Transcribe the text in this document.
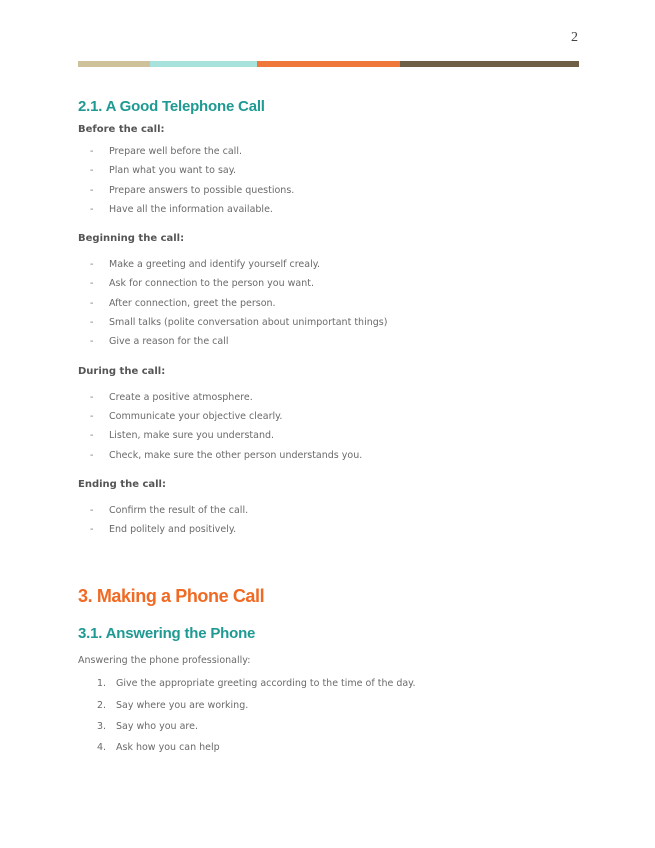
2
2.1. A Good Telephone Call

Before the call:

- Prepare well before the call.
- Plan what you want to say.
- Prepare answers to possible questions.
- Have all the information available.

Beginning the call:

- Make a greeting and identify yourself crealy.
- Ask for connection to the person you want.
- After connection, greet the person.
- Small talks (polite conversation about unimportant things)
- Give a reason for the call

During the call:

- Create a positive atmosphere.
- Communicate your objective clearly.
- Listen, make sure you understand.
- Check, make sure the other person understands you.

Ending the call:

- Confirm the result of the call.
- End politely and positively.
3. Making a Phone Call
3.1. Answering the Phone

Answering the phone professionally:

1. Give the appropriate greeting according to the time of the day.
2. Say where you are working.
3. Say who you are.
4. Ask how you can help
